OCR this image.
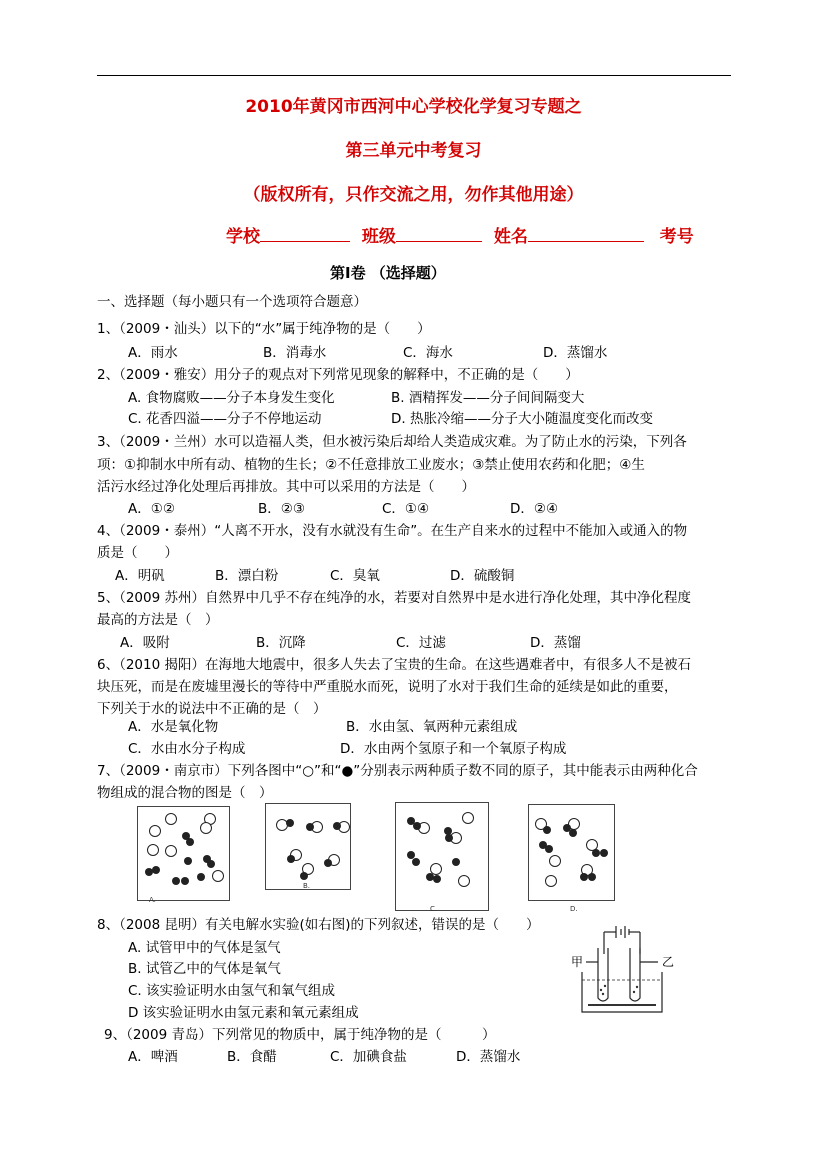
2010年黄冈市西河中心学校化学复习专题之
第三单元中考复习
（版权所有，只作交流之用，勿作其他用途）
学校	班级	姓名	考号
第Ⅰ卷 （选择题）
一、选择题（每小题只有一个选项符合题意）
1、（2009・汕头）以下的“水”属于纯净物的是（　　）
A．雨水	B．消毒水	C．海水	D．蒸馏水
2、（2009・雅安）用分子的观点对下列常见现象的解释中，不正确的是（　　）
A. 食物腐败——分子本身发生变化	B. 酒精挥发——分子间间隔变大
C. 花香四溢——分子不停地运动	D. 热胀冷缩——分子大小随温度变化而改变
3、（2009・兰州）水可以造福人类，但水被污染后却给人类造成灾难。为了防止水的污染，下列各
项：①抑制水中所有动、植物的生长；②不任意排放工业废水；③禁止使用农药和化肥；④生
活污水经过净化处理后再排放。其中可以采用的方法是（　　）
A．①②	B．②③	C．①④	D．②④
4、（2009・泰州）“人离不开水，没有水就没有生命”。在生产自来水的过程中不能加入或通入的物
质是（　　）
A．明矾	B．漂白粉	C．臭氧	D．硫酸铜
5、（2009 苏州）自然界中几乎不存在纯净的水，若要对自然界中是水进行净化处理，其中净化程度
最高的方法是（　）
A．吸附	B．沉降	C．过滤	D．蒸馏
6、（2010 揭阳）在海地大地震中，很多人失去了宝贵的生命。在这些遇难者中，有很多人不是被石
块压死，而是在废墟里漫长的等待中严重脱水而死，说明了水对于我们生命的延续是如此的重要，
下列关于水的说法中不正确的是（　）
A．水是氧化物	B．水由氢、氧两种元素组成
C．水由水分子构成	D．水由两个氢原子和一个氧原子构成
7、（2009・南京市）下列各图中“○”和“●”分别表示两种质子数不同的原子，其中能表示由两种化合
物组成的混合物的图是（　）
A.
B.
C.	D.
8、（2008 昆明）有关电解水实验(如右图)的下列叙述，错误的是（　　）
A. 试管甲中的气体是氢气
B. 试管乙中的气体是氧气
C. 该实验证明水由氢气和氧气组成
D 该实验证明水由氢元素和氧元素组成
甲	乙
9、（2009 青岛）下列常见的物质中，属于纯净物的是（　　　）
A．啤酒	B．食醋	C．加碘食盐	D．蒸馏水
